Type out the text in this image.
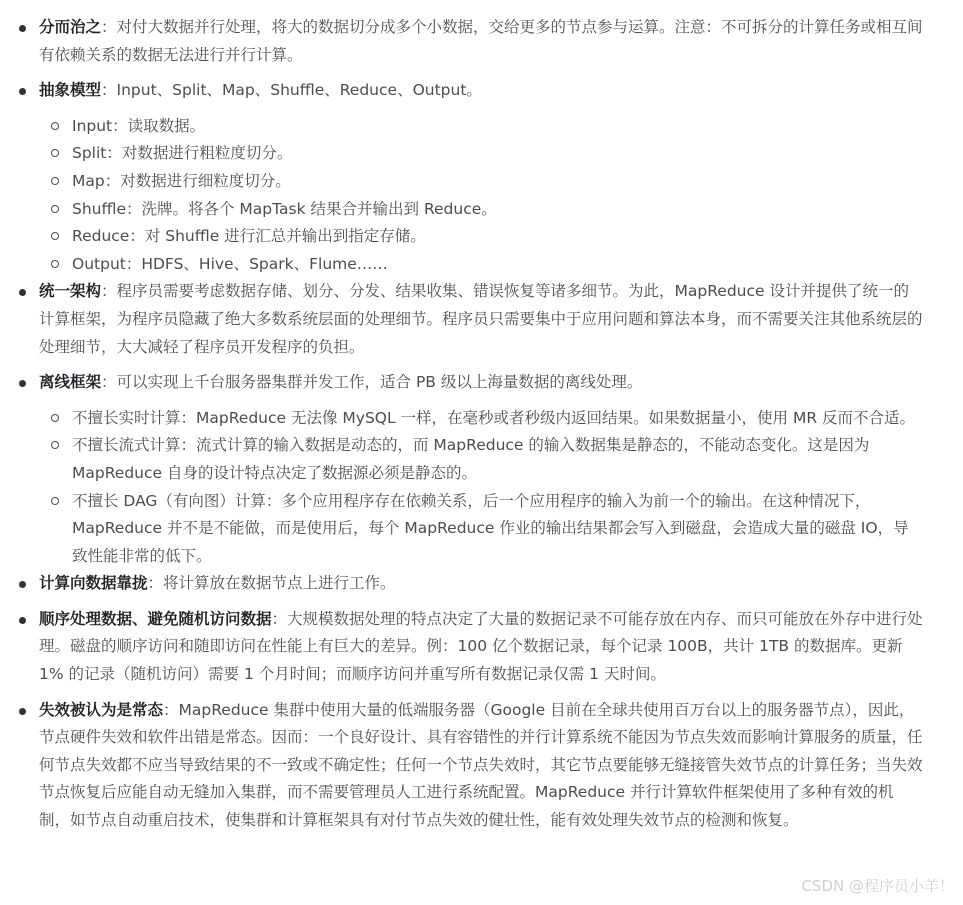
分而治之：对付大数据并行处理，将大的数据切分成多个小数据，交给更多的节点参与运算。注意：不可拆分的计算任务或相互间有依赖关系的数据无法进行并行计算。
抽象模型：Input、Split、Map、Shuffle、Reduce、Output。
Input：读取数据。
Split：对数据进行粗粒度切分。
Map：对数据进行细粒度切分。
Shuffle：洗牌。将各个 MapTask 结果合并输出到 Reduce。
Reduce：对 Shuffle 进行汇总并输出到指定存储。
Output：HDFS、Hive、Spark、Flume……
统一架构：程序员需要考虑数据存储、划分、分发、结果收集、错误恢复等诸多细节。为此，MapReduce 设计并提供了统一的计算框架，为程序员隐藏了绝大多数系统层面的处理细节。程序员只需要集中于应用问题和算法本身，而不需要关注其他系统层的处理细节，大大减轻了程序员开发程序的负担。
离线框架：可以实现上千台服务器集群并发工作，适合 PB 级以上海量数据的离线处理。
不擅长实时计算：MapReduce 无法像 MySQL 一样，在毫秒或者秒级内返回结果。如果数据量小，使用 MR 反而不合适。
不擅长流式计算：流式计算的输入数据是动态的，而 MapReduce 的输入数据集是静态的，不能动态变化。这是因为 MapReduce 自身的设计特点决定了数据源必须是静态的。
不擅长 DAG（有向图）计算：多个应用程序存在依赖关系，后一个应用程序的输入为前一个的输出。在这种情况下，MapReduce 并不是不能做，而是使用后，每个 MapReduce 作业的输出结果都会写入到磁盘，会造成大量的磁盘 IO，导致性能非常的低下。
计算向数据靠拢：将计算放在数据节点上进行工作。
顺序处理数据、避免随机访问数据：大规模数据处理的特点决定了大量的数据记录不可能存放在内存、而只可能放在外存中进行处理。磁盘的顺序访问和随即访问在性能上有巨大的差异。例：100 亿个数据记录，每个记录 100B，共计 1TB 的数据库。更新 1% 的记录（随机访问）需要 1 个月时间；而顺序访问并重写所有数据记录仅需 1 天时间。
失效被认为是常态：MapReduce 集群中使用大量的低端服务器（Google 目前在全球共使用百万台以上的服务器节点），因此，节点硬件失效和软件出错是常态。因而：一个良好设计、具有容错性的并行计算系统不能因为节点失效而影响计算服务的质量，任何节点失效都不应当导致结果的不一致或不确定性；任何一个节点失效时，其它节点要能够无缝接管失效节点的计算任务；当失效节点恢复后应能自动无缝加入集群，而不需要管理员人工进行系统配置。MapReduce 并行计算软件框架使用了多种有效的机制，如节点自动重启技术，使集群和计算框架具有对付节点失效的健壮性，能有效处理失效节点的检测和恢复。
CSDN @程序员小羊！
